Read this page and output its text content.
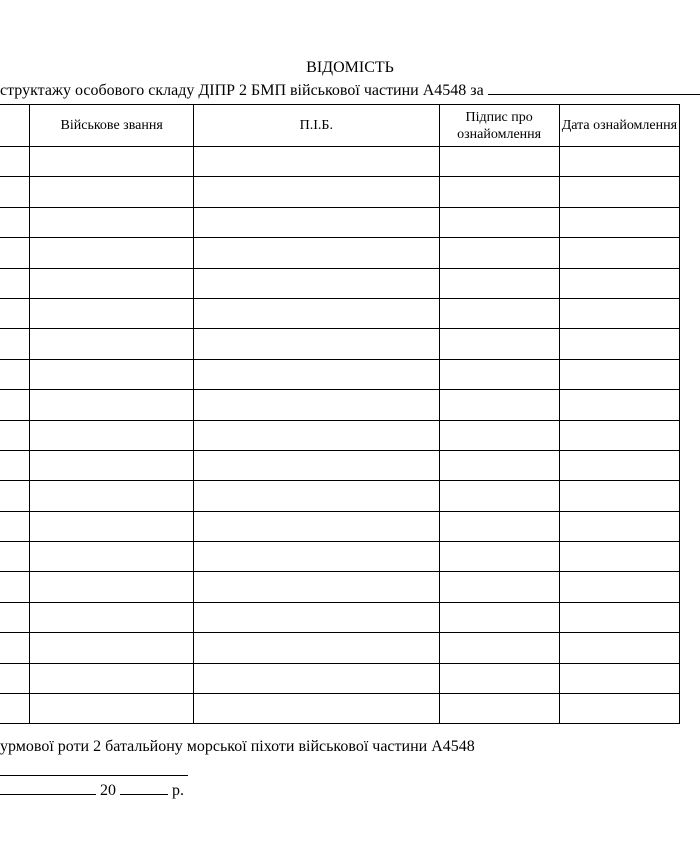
ВІДОМІСТЬ
структажу особового складу ДІПР 2 БМП військової частини А4548 за
	Військове звання	П.І.Б.	Підпис про ознайомлення	Дата ознайомлення

урмової роти 2 батальйону морської піхоти військової частини А4548
20	р.
